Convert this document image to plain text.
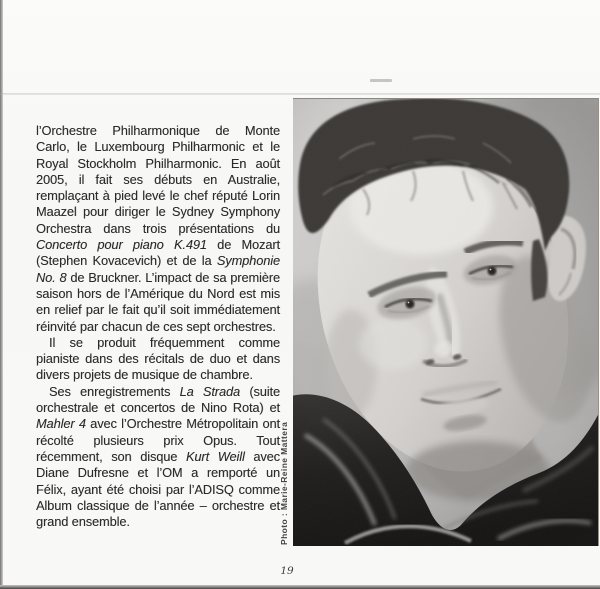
l’Orchestre Philharmonique de Monte Carlo, le Luxembourg Philharmonic et le Royal Stockholm Philharmonic. En août 2005, il fait ses débuts en Australie, remplaçant à pied levé le chef réputé Lorin Maazel pour diriger le Sydney Symphony Orchestra dans trois présentations du Concerto pour piano K.491 de Mozart (Stephen Kovacevich) et de la Symphonie No. 8 de Bruckner. L’impact de sa première saison hors de l’Amérique du Nord est mis en relief par le fait qu’il soit immédiatement réinvité par chacun de ces sept orchestres.

Il se produit fréquemment comme pianiste dans des récitals de duo et dans divers projets de musique de chambre.

Ses enregistrements La Strada (suite orchestrale et concertos de Nino Rota) et Mahler 4 avec l’Orchestre Métropolitain ont récolté plusieurs prix Opus. Tout récemment, son disque Kurt Weill avec Diane Dufresne et l’OM a remporté un Félix, ayant été choisi par l’ADISQ comme Album classique de l’année – orchestre et grand ensemble.	Photo : Marie-Reine Mattera
19
